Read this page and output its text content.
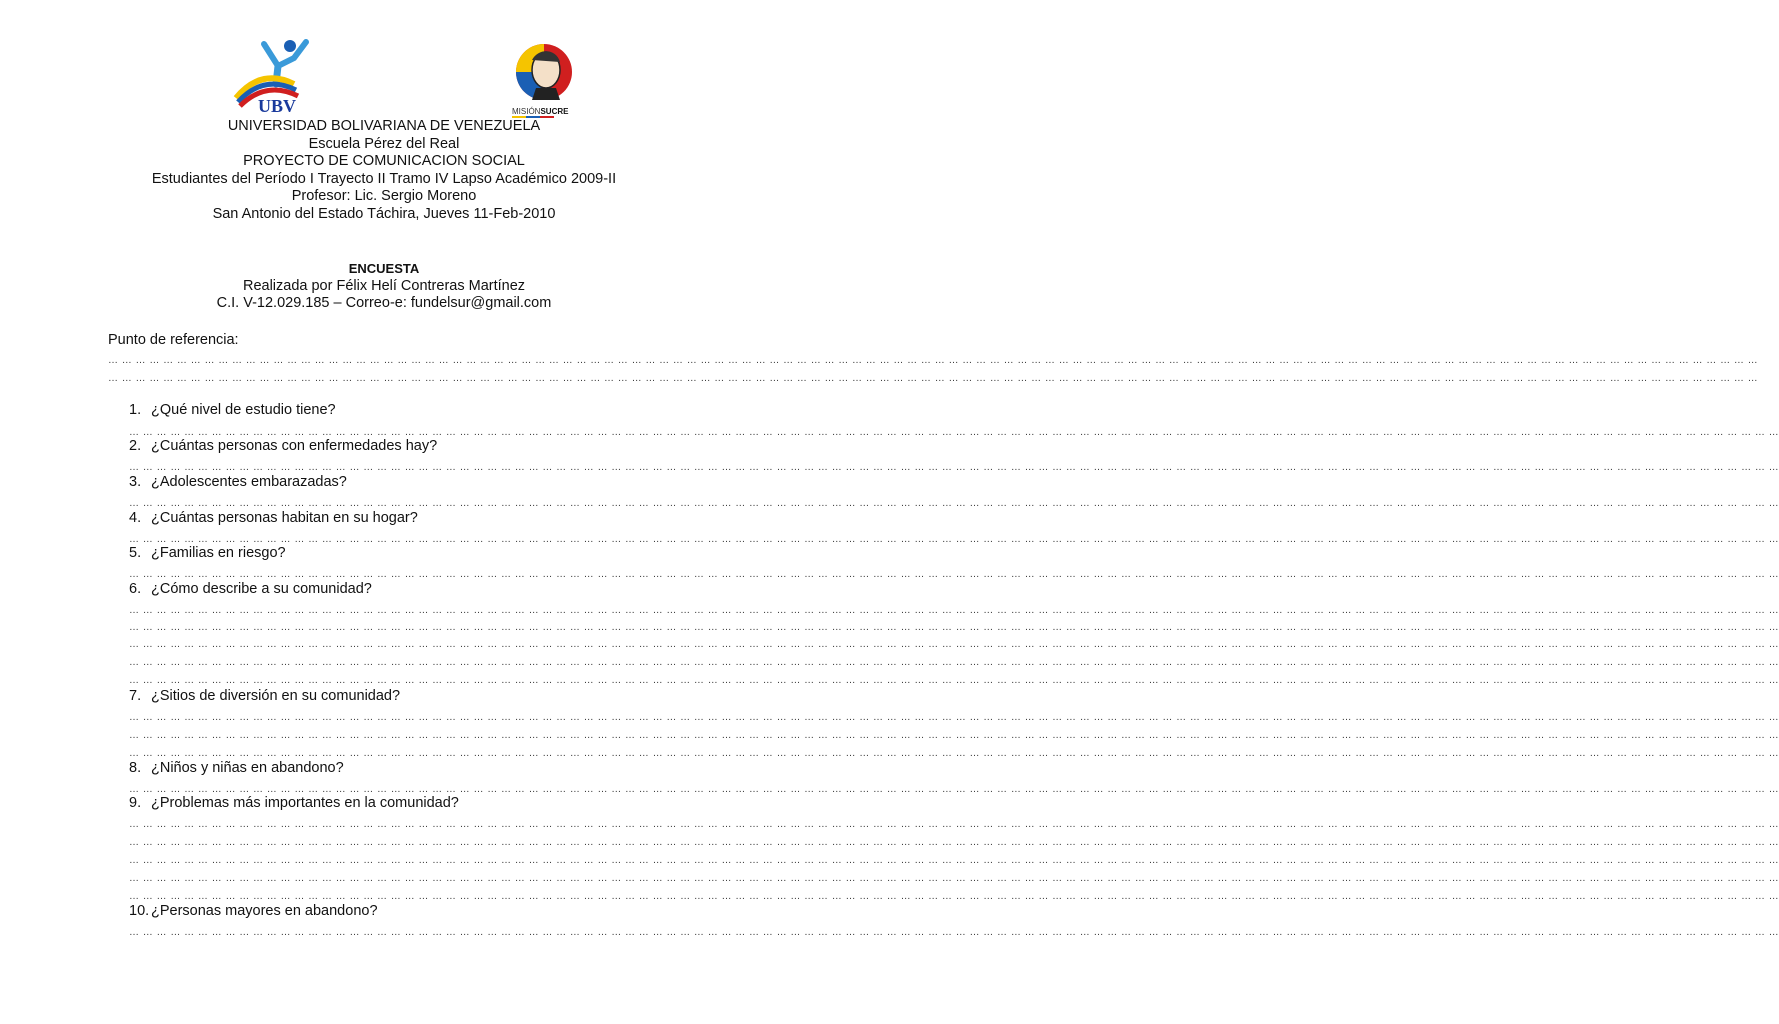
UBV	MISIÓNSUCRE
UNIVERSIDAD BOLIVARIANA DE VENEZUELA
Escuela Pérez del Real
PROYECTO DE COMUNICACION SOCIAL
Estudiantes del Período I Trayecto II Tramo IV Lapso Académico 2009-II
Profesor: Lic. Sergio Moreno
San Antonio del Estado Táchira, Jueves 11-Feb-2010
ENCUESTA
Realizada por Félix Helí Contreras Martínez
C.I. V-12.029.185 – Correo-e: fundelsur@gmail.com
Punto de referencia:
1. ¿Qué nivel de estudio tiene?
2. ¿Cuántas personas con enfermedades hay?
3. ¿Adolescentes embarazadas?
4. ¿Cuántas personas habitan en su hogar?
5. ¿Familias en riesgo?
6. ¿Cómo describe a su comunidad?
7. ¿Sitios de diversión en su comunidad?
8. ¿Niños y niñas en abandono?
9. ¿Problemas más importantes en la comunidad?
10. ¿Personas mayores en abandono?
… … … … … … … … … … … … … … … … … … … … … … … … … … … … … … … … … … … … … … … … … … … … … … … … … … … … … … … … … … … … … … … … … … … … … … … … … … … … … … … … … … … … … … … … … … … … … … … … … … … … … … … … … … … … … … … … … … … … … … … …
… … … … … … … … … … … … … … … … … … … … … … … … … … … … … … … … … … … … … … … … … … … … … … … … … … … … … … … … … … … … … … … … … … … … … … … … … … … … … … … … … … … … … … … … … … … … … … … … … … … … … … … … … … … … … … … … … … … … … … … …
… … … … … … … … … … … … … … … … … … … … … … … … … … … … … … … … … … … … … … … … … … … … … … … … … … … … … … … … … … … … … … … … … … … … … … … … … … … … … … … … … … … … … … … … … … … … … … … … … … … … … … … … … … … … … … … … … … … … … … … …
… … … … … … … … … … … … … … … … … … … … … … … … … … … … … … … … … … … … … … … … … … … … … … … … … … … … … … … … … … … … … … … … … … … … … … … … … … … … … … … … … … … … … … … … … … … … … … … … … … … … … … … … … … … … … … … … … … … … … … … …
… … … … … … … … … … … … … … … … … … … … … … … … … … … … … … … … … … … … … … … … … … … … … … … … … … … … … … … … … … … … … … … … … … … … … … … … … … … … … … … … … … … … … … … … … … … … … … … … … … … … … … … … … … … … … … … … … … … … … … … …
… … … … … … … … … … … … … … … … … … … … … … … … … … … … … … … … … … … … … … … … … … … … … … … … … … … … … … … … … … … … … … … … … … … … … … … … … … … … … … … … … … … … … … … … … … … … … … … … … … … … … … … … … … … … … … … … … … … … … … … …
… … … … … … … … … … … … … … … … … … … … … … … … … … … … … … … … … … … … … … … … … … … … … … … … … … … … … … … … … … … … … … … … … … … … … … … … … … … … … … … … … … … … … … … … … … … … … … … … … … … … … … … … … … … … … … … … … … … … … … … …
… … … … … … … … … … … … … … … … … … … … … … … … … … … … … … … … … … … … … … … … … … … … … … … … … … … … … … … … … … … … … … … … … … … … … … … … … … … … … … … … … … … … … … … … … … … … … … … … … … … … … … … … … … … … … … … … … … … … … … … …
… … … … … … … … … … … … … … … … … … … … … … … … … … … … … … … … … … … … … … … … … … … … … … … … … … … … … … … … … … … … … … … … … … … … … … … … … … … … … … … … … … … … … … … … … … … … … … … … … … … … … … … … … … … … … … … … … … … … … … … …
… … … … … … … … … … … … … … … … … … … … … … … … … … … … … … … … … … … … … … … … … … … … … … … … … … … … … … … … … … … … … … … … … … … … … … … … … … … … … … … … … … … … … … … … … … … … … … … … … … … … … … … … … … … … … … … … … … … … … … … …
… … … … … … … … … … … … … … … … … … … … … … … … … … … … … … … … … … … … … … … … … … … … … … … … … … … … … … … … … … … … … … … … … … … … … … … … … … … … … … … … … … … … … … … … … … … … … … … … … … … … … … … … … … … … … … … … … … … … … … … …
… … … … … … … … … … … … … … … … … … … … … … … … … … … … … … … … … … … … … … … … … … … … … … … … … … … … … … … … … … … … … … … … … … … … … … … … … … … … … … … … … … … … … … … … … … … … … … … … … … … … … … … … … … … … … … … … … … … … … … … …
… … … … … … … … … … … … … … … … … … … … … … … … … … … … … … … … … … … … … … … … … … … … … … … … … … … … … … … … … … … … … … … … … … … … … … … … … … … … … … … … … … … … … … … … … … … … … … … … … … … … … … … … … … … … … … … … … … … … … … … …
… … … … … … … … … … … … … … … … … … … … … … … … … … … … … … … … … … … … … … … … … … … … … … … … … … … … … … … … … … … … … … … … … … … … … … … … … … … … … … … … … … … … … … … … … … … … … … … … … … … … … … … … … … … … … … … … … … … … … … … …
… … … … … … … … … … … … … … … … … … … … … … … … … … … … … … … … … … … … … … … … … … … … … … … … … … … … … … … … … … … … … … … … … … … … … … … … … … … … … … … … … … … … … … … … … … … … … … … … … … … … … … … … … … … … … … … … … … … … … … … …
… … … … … … … … … … … … … … … … … … … … … … … … … … … … … … … … … … … … … … … … … … … … … … … … … … … … … … … … … … … … … … … … … … … … … … … … … … … … … … … … … … … … … … … … … … … … … … … … … … … … … … … … … … … … … … … … … … … … … … … …
… … … … … … … … … … … … … … … … … … … … … … … … … … … … … … … … … … … … … … … … … … … … … … … … … … … … … … … … … … … … … … … … … … … … … … … … … … … … … … … … … … … … … … … … … … … … … … … … … … … … … … … … … … … … … … … … … … … … … … … …
… … … … … … … … … … … … … … … … … … … … … … … … … … … … … … … … … … … … … … … … … … … … … … … … … … … … … … … … … … … … … … … … … … … … … … … … … … … … … … … … … … … … … … … … … … … … … … … … … … … … … … … … … … … … … … … … … … … … … … … …
… … … … … … … … … … … … … … … … … … … … … … … … … … … … … … … … … … … … … … … … … … … … … … … … … … … … … … … … … … … … … … … … … … … … … … … … … … … … … … … … … … … … … … … … … … … … … … … … … … … … … … … … … … … … … … … … … … … … … … … …
… … … … … … … … … … … … … … … … … … … … … … … … … … … … … … … … … … … … … … … … … … … … … … … … … … … … … … … … … … … … … … … … … … … … … … … … … … … … … … … … … … … … … … … … … … … … … … … … … … … … … … … … … … … … … … … … … … … … … … … …
… … … … … … … … … … … … … … … … … … … … … … … … … … … … … … … … … … … … … … … … … … … … … … … … … … … … … … … … … … … … … … … … … … … … … … … … … … … … … … … … … … … … … … … … … … … … … … … … … … … … … … … … … … … … … … … … … … … … … … … …
… … … … … … … … … … … … … … … … … … … … … … … … … … … … … … … … … … … … … … … … … … … … … … … … … … … … … … … … … … … … … … … … … … … … … … … … … … … … … … … … … … … … … … … … … … … … … … … … … … … … … … … … … … … … … … … … … … … … … … … …
